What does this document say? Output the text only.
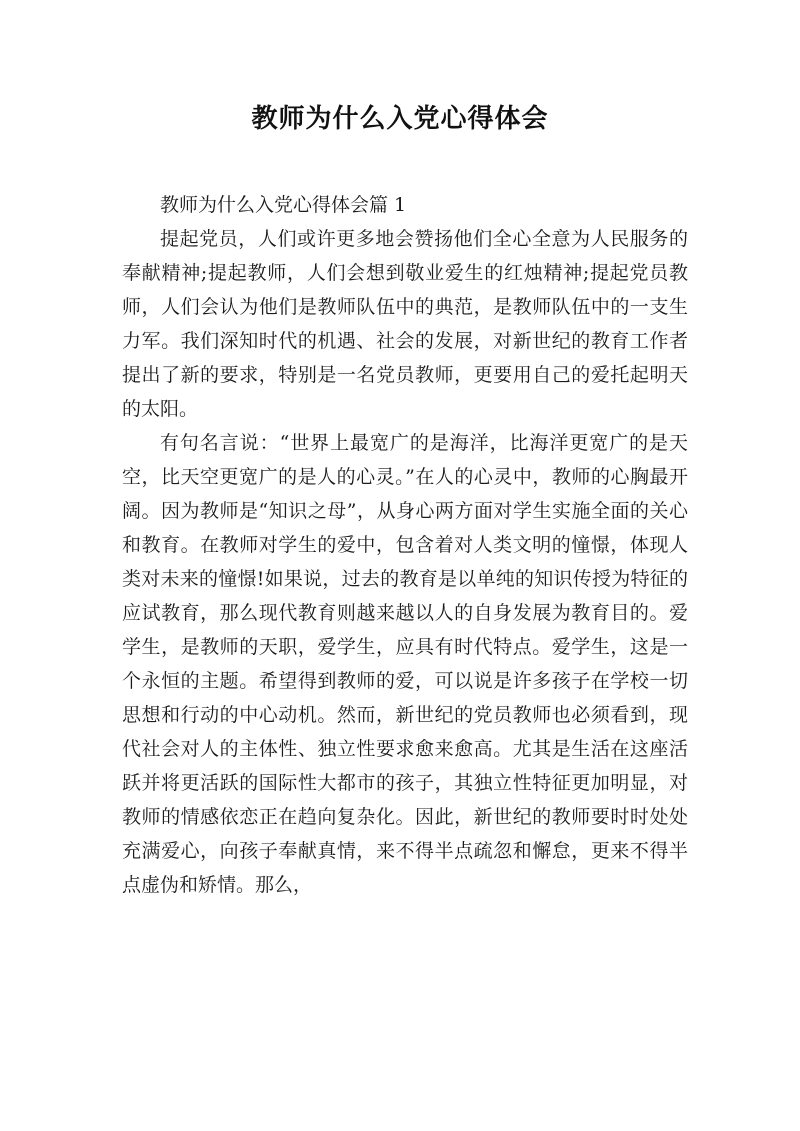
教师为什么入党心得体会

教师为什么入党心得体会篇 1

提起党员，人们或许更多地会赞扬他们全心全意为人民服务的奉献精神;提起教师，人们会想到敬业爱生的红烛精神;提起党员教师，人们会认为他们是教师队伍中的典范，是教师队伍中的一支生力军。我们深知时代的机遇、社会的发展，对新世纪的教育工作者提出了新的要求，特别是一名党员教师，更要用自己的爱托起明天的太阳。

有句名言说：“世界上最宽广的是海洋，比海洋更宽广的是天空，比天空更宽广的是人的心灵。”在人的心灵中，教师的心胸最开阔。因为教师是“知识之母”，从身心两方面对学生实施全面的关心和教育。在教师对学生的爱中，包含着对人类文明的憧憬，体现人类对未来的憧憬!如果说，过去的教育是以单纯的知识传授为特征的应试教育，那么现代教育则越来越以人的自身发展为教育目的。爱学生，是教师的天职，爱学生，应具有时代特点。爱学生，这是一个永恒的主题。希望得到教师的爱，可以说是许多孩子在学校一切思想和行动的中心动机。然而，新世纪的党员教师也必须看到，现代社会对人的主体性、独立性要求愈来愈高。尤其是生活在这座活跃并将更活跃的国际性大都市的孩子，其独立性特征更加明显，对教师的情感依恋正在趋向复杂化。因此，新世纪的教师要时时处处充满爱心，向孩子奉献真情，来不得半点疏忽和懈怠，更来不得半点虚伪和矫情。那么，
